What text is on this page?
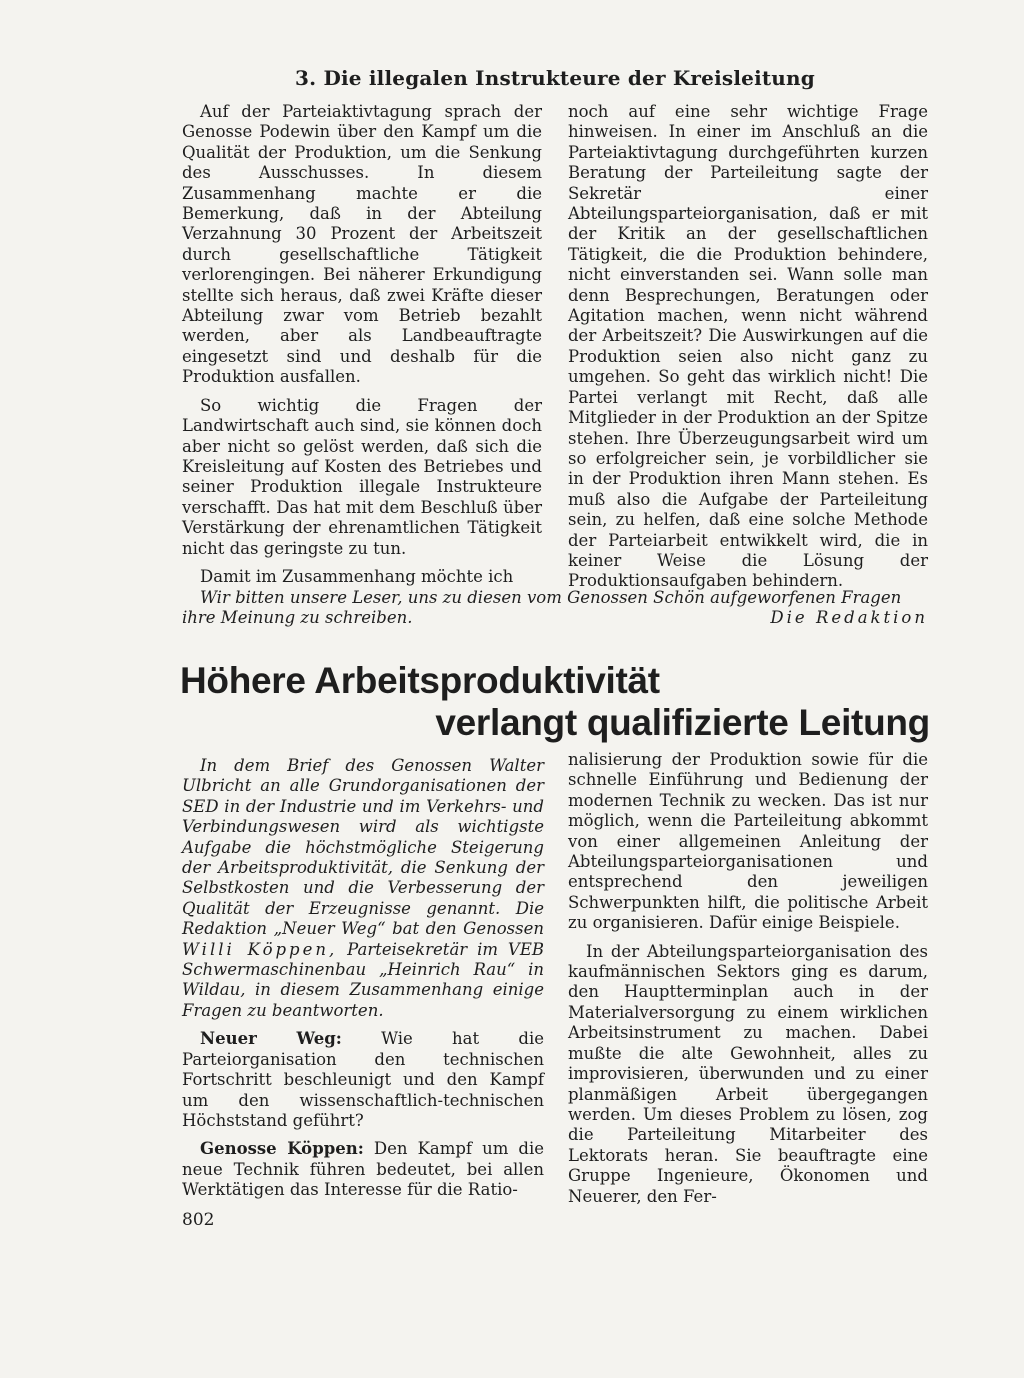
3. Die illegalen Instrukteure der Kreisleitung

Auf der Parteiaktivtagung sprach der Genosse Podewin über den Kampf um die Qualität der Produktion, um die Senkung des Ausschusses. In diesem Zusammenhang machte er die Bemerkung, daß in der Abteilung Verzahnung 30 Prozent der Arbeitszeit durch gesellschaftliche Tätigkeit verlorengingen. Bei näherer Erkundigung stellte sich heraus, daß zwei Kräfte dieser Abteilung zwar vom Betrieb bezahlt werden, aber als Landbeauftragte eingesetzt sind und deshalb für die Produktion ausfallen.

So wichtig die Fragen der Landwirtschaft auch sind, sie können doch aber nicht so gelöst werden, daß sich die Kreisleitung auf Kosten des Betriebes und seiner Produktion illegale Instrukteure verschafft. Das hat mit dem Beschluß über Verstärkung der ehrenamtlichen Tätigkeit nicht das geringste zu tun.

Damit im Zusammenhang möchte ich

noch auf eine sehr wichtige Frage hinweisen. In einer im Anschluß an die Parteiaktivtagung durchgeführten kurzen Beratung der Parteileitung sagte der Sekretär einer Abteilungsparteiorganisation, daß er mit der Kritik an der gesellschaftlichen Tätigkeit, die die Produktion behindere, nicht einverstanden sei. Wann solle man denn Besprechungen, Beratungen oder Agitation machen, wenn nicht während der Arbeitszeit? Die Auswirkungen auf die Produktion seien also nicht ganz zu umgehen. So geht das wirklich nicht! Die Partei verlangt mit Recht, daß alle Mitglieder in der Produktion an der Spitze stehen. Ihre Überzeugungsarbeit wird um so erfolgreicher sein, je vorbildlicher sie in der Produktion ihren Mann stehen. Es muß also die Aufgabe der Parteileitung sein, zu helfen, daß eine solche Methode der Parteiarbeit entwikkelt wird, die in keiner Weise die Lösung der Produktionsaufgaben behindern.

Wir bitten unsere Leser, uns zu diesen vom Genossen Schön aufgeworfenen Fragen
ihre Meinung zu schreiben.	Die Redaktion
Höhere Arbeitsproduktivität
verlangt qualifizierte Leitung

In dem Brief des Genossen Walter Ulbricht an alle Grundorganisationen der SED in der Industrie und im Verkehrs- und Verbindungswesen wird als wichtigste Aufgabe die höchstmögliche Steigerung der Arbeitsproduktivität, die Senkung der Selbstkosten und die Verbesserung der Qualität der Erzeugnisse genannt. Die Redaktion „Neuer Weg“ bat den Genossen Willi Köppen, Parteisekretär im VEB Schwermaschinenbau „Heinrich Rau“ in Wildau, in diesem Zusammenhang einige Fragen zu beantworten.

Neuer Weg: Wie hat die Parteiorganisation den technischen Fortschritt beschleunigt und den Kampf um den wissenschaftlich-technischen Höchststand geführt?

Genosse Köppen: Den Kampf um die neue Technik führen bedeutet, bei allen Werktätigen das Interesse für die Ratio-

nalisierung der Produktion sowie für die schnelle Einführung und Bedienung der modernen Technik zu wecken. Das ist nur möglich, wenn die Parteileitung abkommt von einer allgemeinen Anleitung der Abteilungsparteiorganisationen und entsprechend den jeweiligen Schwerpunkten hilft, die politische Arbeit zu organisieren. Dafür einige Beispiele.

In der Abteilungsparteiorganisation des kaufmännischen Sektors ging es darum, den Hauptterminplan auch in der Materialversorgung zu einem wirklichen Arbeitsinstrument zu machen. Dabei mußte die alte Gewohnheit, alles zu improvisieren, überwunden und zu einer planmäßigen Arbeit übergegangen werden. Um dieses Problem zu lösen, zog die Parteileitung Mitarbeiter des Lektorats heran. Sie beauftragte eine Gruppe Ingenieure, Ökonomen und Neuerer, den Fer-

802
